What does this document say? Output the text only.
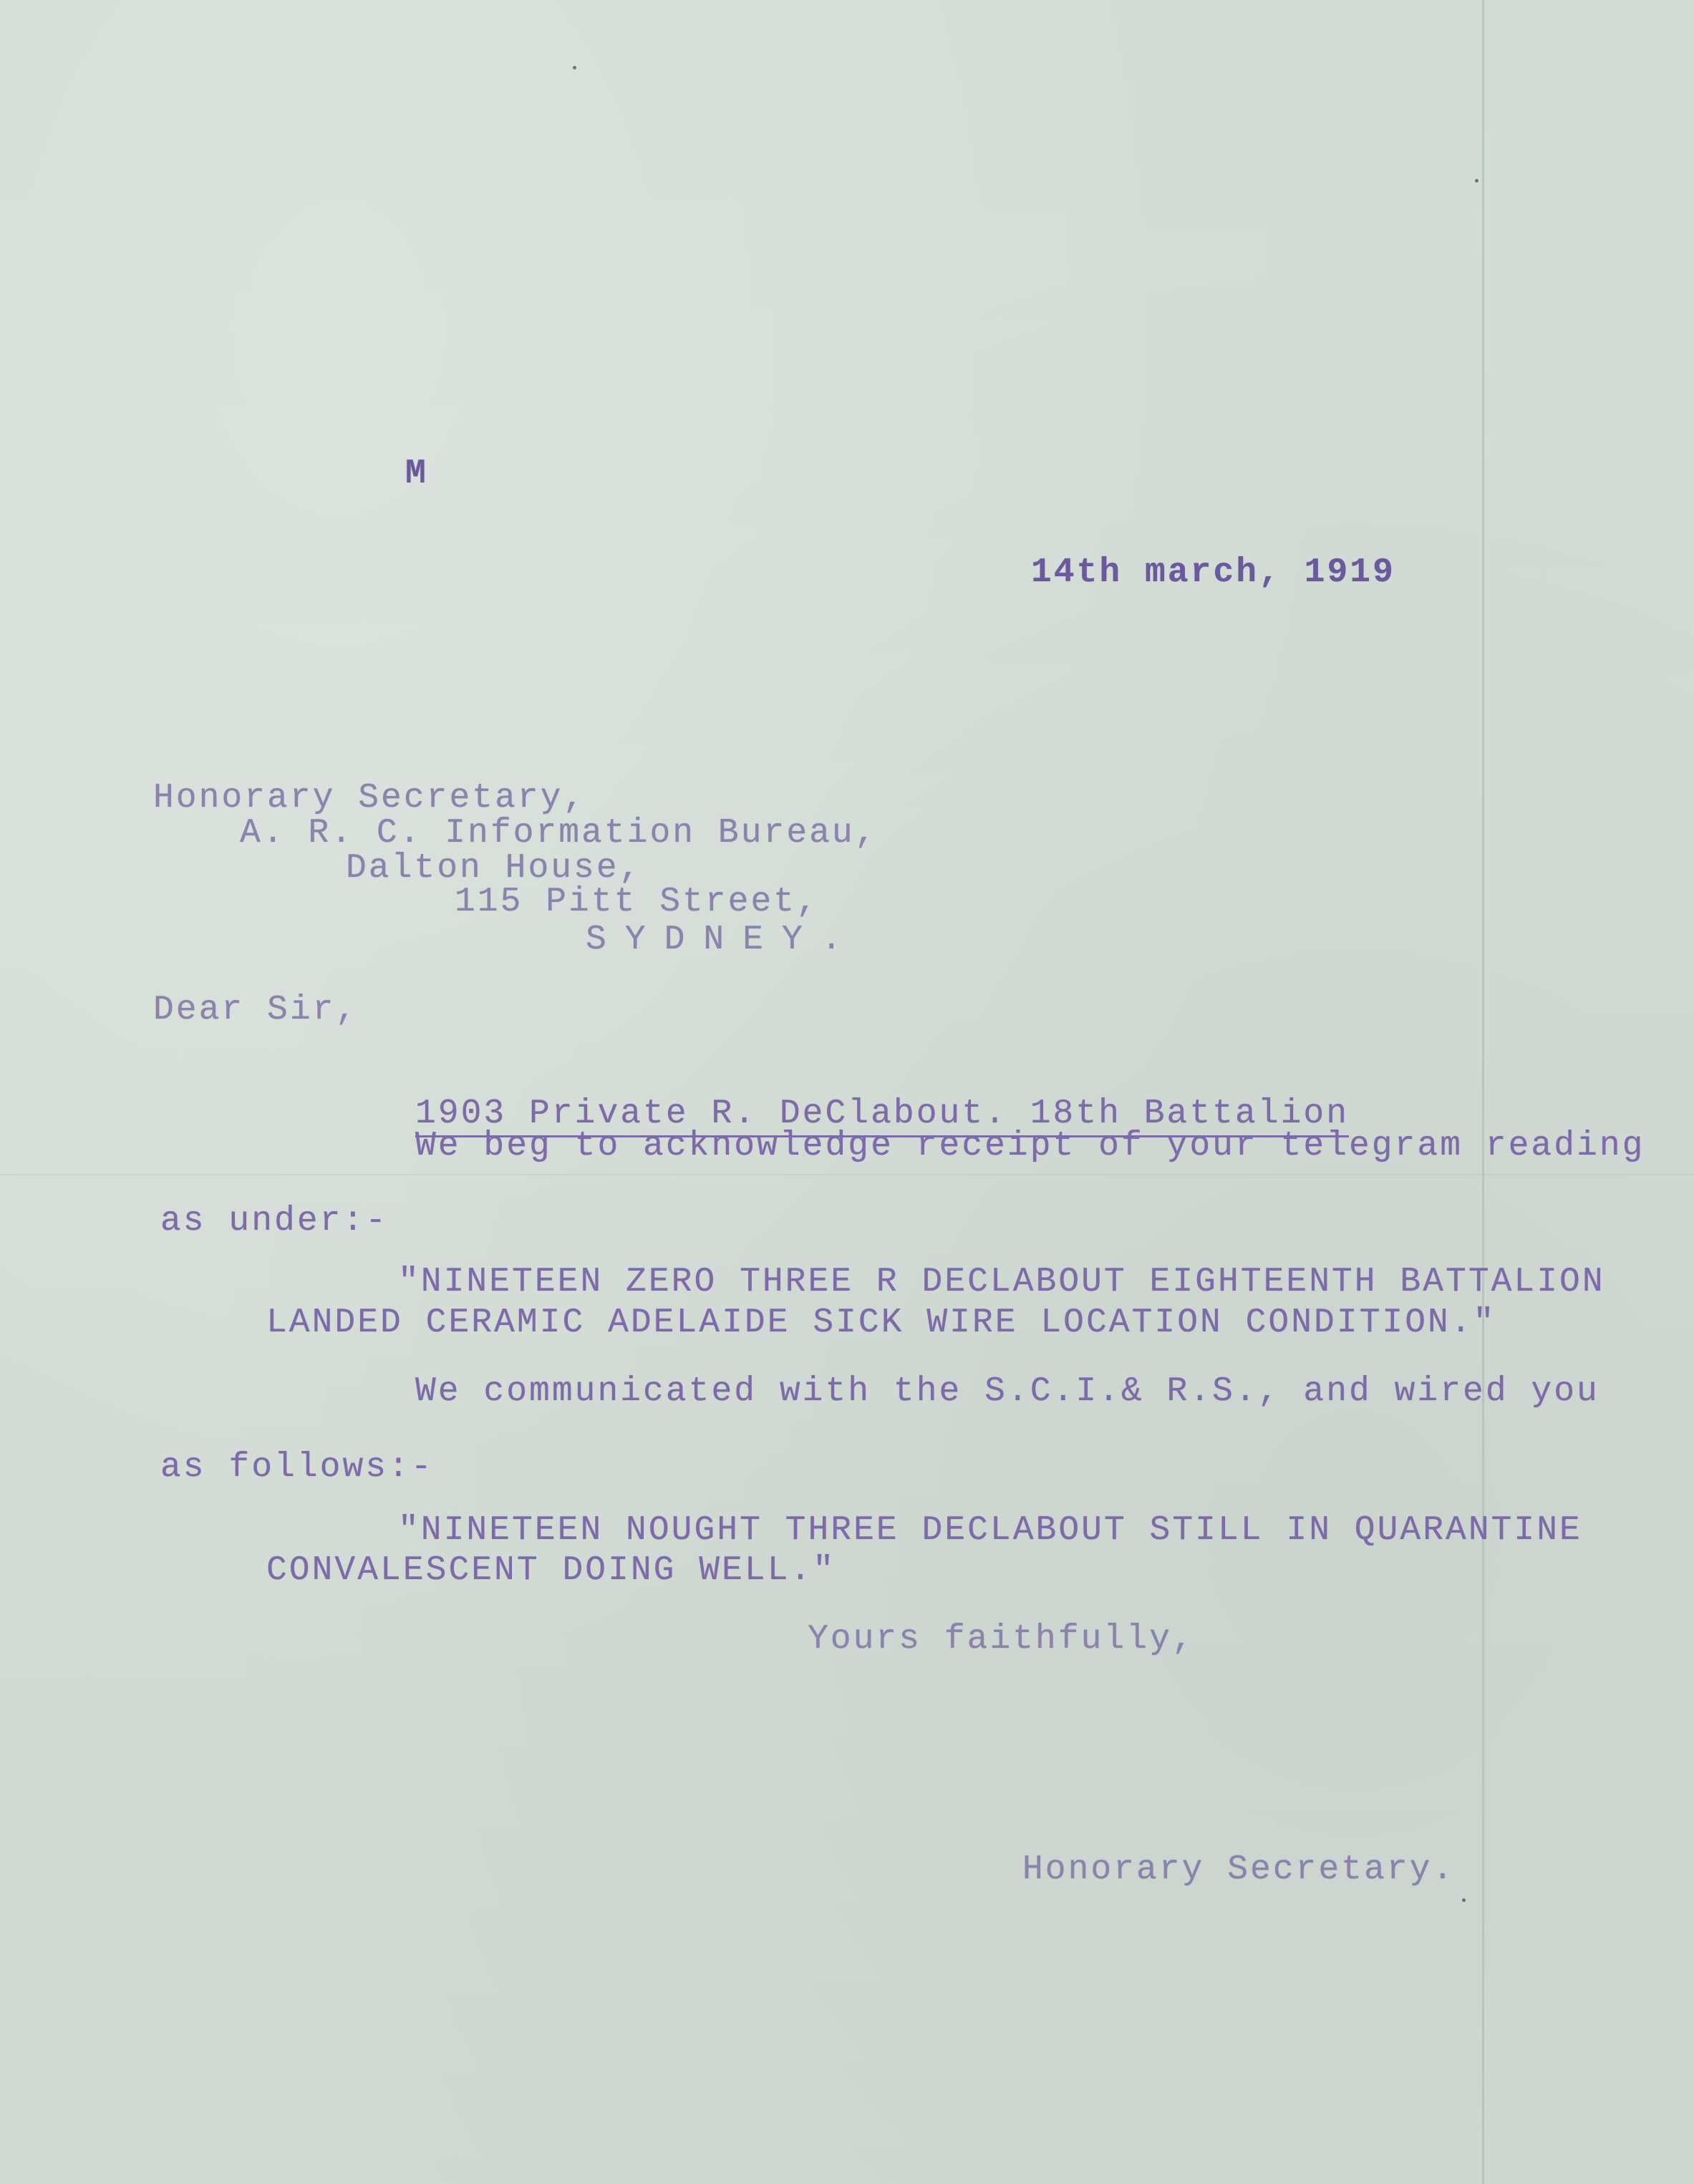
M
14th march, 1919
Honorary Secretary,
A. R. C. Information Bureau,
Dalton House,
115 Pitt Street,
SYDNEY.
Dear Sir,
1903 Private R. DeClabout. 18th Battalion
We beg to acknowledge receipt of your telegram reading
as under:-
"NINETEEN ZERO THREE R DECLABOUT EIGHTEENTH BATTALION
LANDED CERAMIC ADELAIDE SICK WIRE LOCATION CONDITION."
We communicated with the S.C.I.& R.S., and wired you
as follows:-
"NINETEEN NOUGHT THREE DECLABOUT STILL IN QUARANTINE
CONVALESCENT DOING WELL."
Yours faithfully,
Honorary Secretary.
